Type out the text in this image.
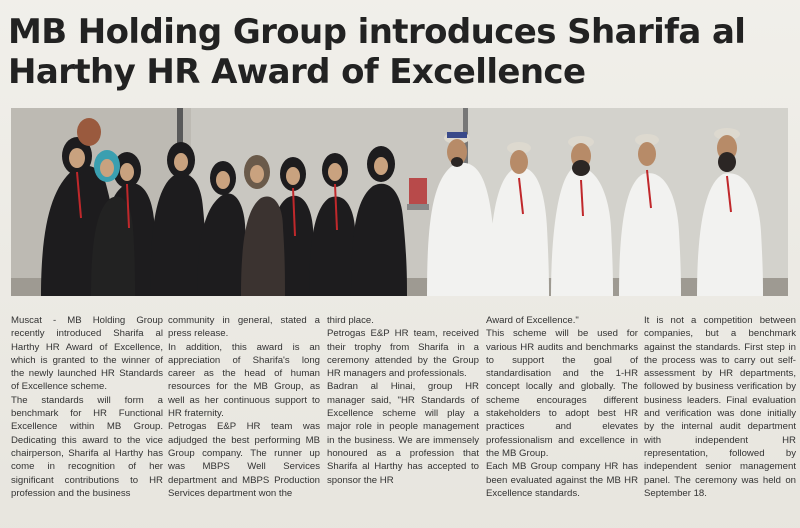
MB Holding Group introduces Sharifa al Harthy HR Award of Excellence

Muscat - MB Holding Group recently introduced Sharifa al Harthy HR Award of Excellence, which is granted to the winner of the newly launched HR Standards of Excellence scheme.
The standards will form a benchmark for HR Functional Excellence within MB Group. Dedicating this award to the vice chairperson, Sharifa al Harthy has come in recognition of her significant contributions to HR profession and the business

community in general, stated a press release.
In addition, this award is an appreciation of Sharifa's long career as the head of human resources for the MB Group, as well as her continuous support to HR fraternity.
Petrogas E&P HR team was adjudged the best performing MB Group company. The runner up was MBPS Well Services department and MBPS Production Services department won the

third place.
Petrogas E&P HR team, received their trophy from Sharifa in a ceremony attended by the Group HR managers and professionals.
Badran al Hinai, group HR manager said, "HR Standards of Excellence scheme will play a major role in people management in the business. We are immensely honoured as a profession that Sharifa al Harthy has accepted to sponsor the HR

Award of Excellence."
This scheme will be used for various HR audits and benchmarks to support the goal of standardisation and the 1-HR concept locally and globally. The scheme encourages different stakeholders to adopt best HR practices and elevates professionalism and excellence in the MB Group.
Each MB Group company HR has been evaluated against the MB HR Excellence standards.

It is not a competition between companies, but a benchmark against the standards. First step in the process was to carry out self-assessment by HR departments, followed by business verification by business leaders. Final evaluation and verification was done initially by the internal audit department with independent HR representation, followed by independent senior management panel. The ceremony was held on September 18.
